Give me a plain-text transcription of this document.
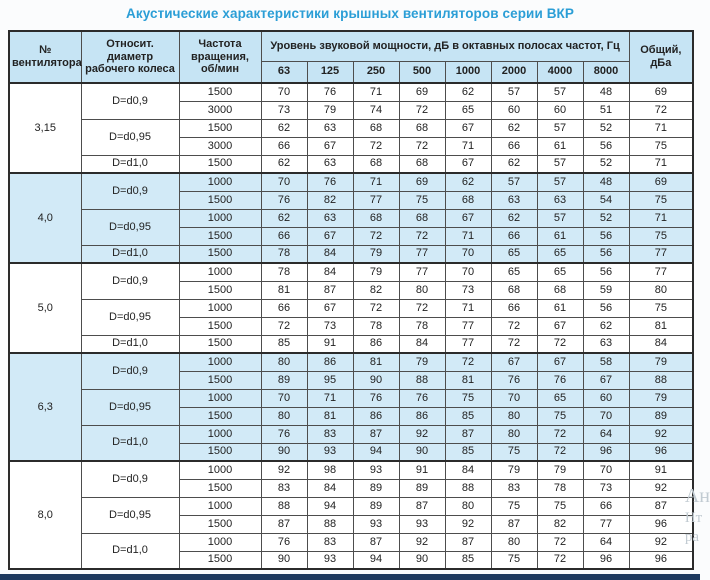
Акустические характеристики крышных вентиляторов серии ВКР
№ вентилятора	Относит. диаметр рабочего колеса	Частота вращения, об/мин	Уровень звуковой мощности, дБ в октавных полосах частот, Гц								Общий, дБа
			63	125	250	500	1000	2000	4000	8000	
3,15	D=d0,9	1500	70	76	71	69	62	57	57	48	69
		3000	73	79	74	72	65	60	60	51	72
	D=d0,95	1500	62	63	68	68	67	62	57	52	71
		3000	66	67	72	72	71	66	61	56	75
	D=d1,0	1500	62	63	68	68	67	62	57	52	71
4,0	D=d0,9	1000	70	76	71	69	62	57	57	48	69
		1500	76	82	77	75	68	63	63	54	75
	D=d0,95	1000	62	63	68	68	67	62	57	52	71
		1500	66	67	72	72	71	66	61	56	75
	D=d1,0	1500	78	84	79	77	70	65	65	56	77
5,0	D=d0,9	1000	78	84	79	77	70	65	65	56	77
		1500	81	87	82	80	73	68	68	59	80
	D=d0,95	1000	66	67	72	72	71	66	61	56	75
		1500	72	73	78	78	77	72	67	62	81
	D=d1,0	1500	85	91	86	84	77	72	72	63	84
6,3	D=d0,9	1000	80	86	81	79	72	67	67	58	79
		1500	89	95	90	88	81	76	76	67	88
	D=d0,95	1000	70	71	76	76	75	70	65	60	79
		1500	80	81	86	86	85	80	75	70	89
	D=d1,0	1000	76	83	87	92	87	80	72	64	92
		1500	90	93	94	90	85	75	72	96	96
8,0	D=d0,9	1000	92	98	93	91	84	79	79	70	91
		1500	83	84	89	89	88	83	78	73	92
	D=d0,95	1000	88	94	89	87	80	75	75	66	87
		1500	87	88	93	93	92	87	82	77	96
	D=d1,0	1000	76	83	87	92	87	80	72	64	92
		1500	90	93	94	90	85	75	72	96	96
Ан
Нт
ра
